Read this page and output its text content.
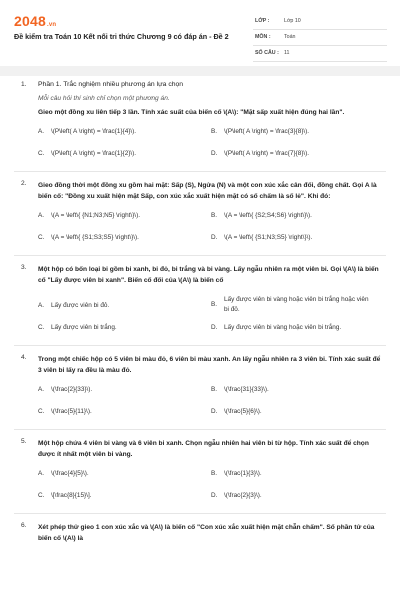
2048.vn
Đề kiểm tra Toán 10 Kết nối tri thức Chương 9 có đáp án - Đề 2
LỚP :	Lớp 10
MÔN :	Toán
SỐ CÂU : 11
1. Phần 1. Trắc nghiệm nhiều phương án lựa chọn
Mỗi câu hỏi thí sinh chỉ chọn một phương án.
Gieo một đồng xu liên tiếp 3 lần. Tính xác suất của biến cố \(A\): "Mặt sấp xuất hiện đúng hai lần".
A. \(P\left( A \right) = \frac{1}{4}\).	B. \(P\left( A \right) = \frac{3}{8}\).
C. \(P\left( A \right) = \frac{1}{2}\).	D. \(P\left( A \right) = \frac{7}{8}\).
2. Gieo đồng thời một đồng xu gồm hai mặt: Sấp (S), Ngửa (N) và một con xúc xắc cân đối, đồng chất. Gọi A là biến cố: "Đồng xu xuất hiện mặt Sấp, con xúc xắc xuất hiện mặt có số chấm là số lẻ". Khi đó:
A. \(A = \left\{ {N1;N3;N5} \right\}\).	B. \(A = \left\{ {S2;S4;S6} \right\}\).
C. \(A = \left\{ {S1;S3;S5} \right\}\).	D. \(A = \left\{ {S1;N3;S5} \right\}\).
3. Một hộp có bốn loại bi gồm bi xanh, bi đỏ, bi trắng và bi vàng. Lấy ngẫu nhiên ra một viên bi. Gọi \(A\) là biến cố "Lấy được viên bi xanh". Biến cố đối của \(A\) là biến cố
A. Lấy được viên bi đỏ.	B.
Lấy được viên bi vàng hoặc viên bi trắng hoặc viên bi đỏ.
C. Lấy được viên bi trắng.	D. Lấy được viên bi vàng hoặc viên bi trắng.
4. Trong một chiếc hộp có 5 viên bi màu đỏ, 6 viên bi màu xanh. An lấy ngẫu nhiên ra 3 viên bi. Tính xác suất để 3 viên bi lấy ra đều là màu đỏ.
A. \(\frac{2}{33}\).	B. \(\frac{31}{33}\).
C. \(\frac{5}{11}\).	D. \(\frac{5}{6}\).
5. Một hộp chứa 4 viên bi vàng và 6 viên bi xanh. Chọn ngẫu nhiên hai viên bi từ hộp. Tính xác suất để chọn được ít nhất một viên bi vàng.
A. \(\frac{4}{5}\).	B. \(\frac{1}{3}\).
C. \[\frac{8}{15}\].	D. \(\frac{2}{3}\).
6. Xét phép thử gieo 1 con xúc xắc và \(A\) là biến cố "Con xúc xắc xuất hiện mặt chẵn chấm". Số phần tử của biến cố \(A\) là
